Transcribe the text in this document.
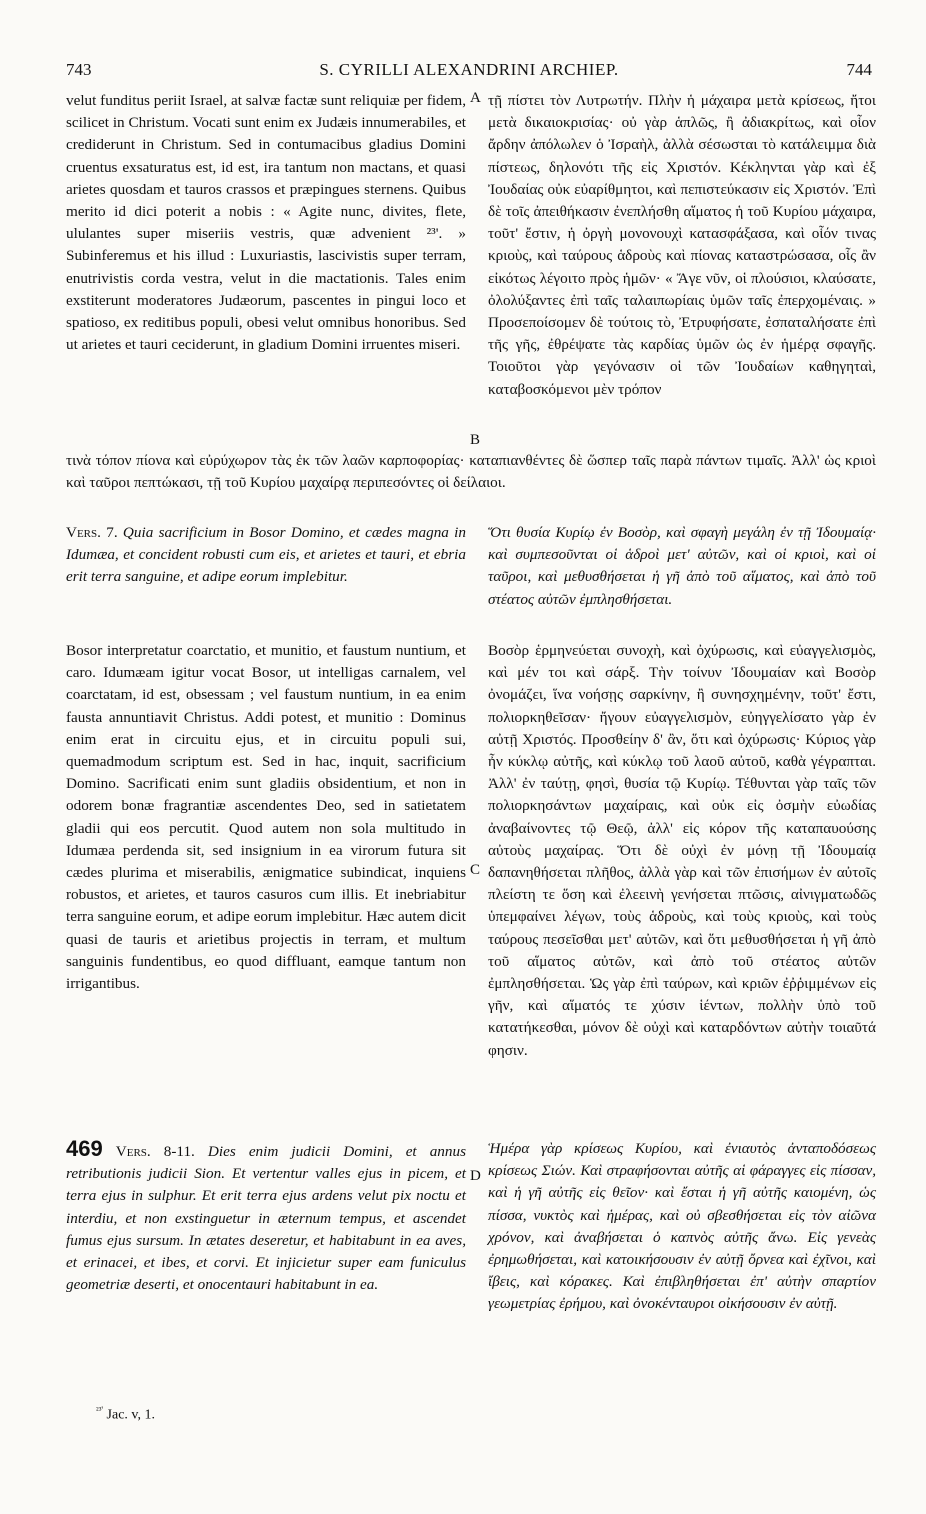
743	S. CYRILLI ALEXANDRINI ARCHIEP.	744
A
B
C
D

velut funditus periit Israel, at salvæ factæ sunt reliquiæ per fidem, scilicet in Christum. Vocati sunt enim ex Judæis innumerabiles, et crediderunt in Christum. Sed in contumacibus gladius Domini cruentus exsaturatus est, id est, ira tantum non mactans, et quasi arietes quosdam et tauros crassos et præpingues sternens. Quibus merito id dici poterit a nobis : « Agite nunc, divites, flete, ululantes super miseriis vestris, quæ advenient ²³'. » Subinferemus et his illud : Luxuriastis, lascivistis super terram, enutrivistis corda vestra, velut in die mactationis. Tales enim exstiterunt moderatores Judæorum, pascentes in pingui loco et spatioso, ex reditibus populi, obesi velut omnibus honoribus. Sed ut arietes et tauri ceciderunt, in gladium Domini irruentes miseri.

τῇ πίστει τὸν Λυτρωτήν. Πλὴν ἡ μάχαιρα μετὰ κρίσεως, ἤτοι μετὰ δικαιοκρισίας· οὐ γὰρ ἁπλῶς, ἢ ἀδιακρίτως, καὶ οἷον ἄρδην ἀπόλωλεν ὁ Ἰσραὴλ, ἀλλὰ σέσωσται τὸ κατάλειμμα διὰ πίστεως, δηλονότι τῆς εἰς Χριστόν. Κέκληνται γὰρ καὶ ἐξ Ἰουδαίας οὐκ εὐαρίθμητοι, καὶ πεπιστεύκασιν εἰς Χριστόν. Ἐπὶ δὲ τοῖς ἀπειθήκασιν ἐνεπλήσθη αἵματος ἡ τοῦ Κυρίου μάχαιρα, τοῦτ' ἔστιν, ἡ ὀργὴ μονονουχὶ κατασφάξασα, καὶ οἷόν τινας κριοὺς, καὶ ταύρους ἁδροὺς καὶ πίονας καταστρώσασα, οἷς ἂν εἰκότως λέγοιτο πρὸς ἡμῶν· « Ἄγε νῦν, οἱ πλούσιοι, κλαύσατε, ὀλολύξαντες ἐπὶ ταῖς ταλαιπωρίαις ὑμῶν ταῖς ἐπερχομέναις. » Προσεποίσομεν δὲ τούτοις τὸ, Ἐτρυφήσατε, ἐσπαταλήσατε ἐπὶ τῆς γῆς, ἐθρέψατε τὰς καρδίας ὑμῶν ὡς ἐν ἡμέρᾳ σφαγῆς. Τοιοῦτοι γὰρ γεγόνασιν οἱ τῶν Ἰουδαίων καθηγηταὶ, καταβοσκόμενοι μὲν τρόπον

τινὰ τόπον πίονα καὶ εὐρύχωρον τὰς ἐκ τῶν λαῶν καρποφορίας· καταπιανθέντες δὲ ὥσπερ ταῖς παρὰ πάντων τιμαῖς. Ἀλλ' ὡς κριοὶ καὶ ταῦροι πεπτώκασι, τῇ τοῦ Κυρίου μαχαίρᾳ περιπεσόντες οἱ δείλαιοι.

Vers. 7. Quia sacrificium in Bosor Domino, et cædes magna in Idumæa, et concident robusti cum eis, et arietes et tauri, et ebria erit terra sanguine, et adipe eorum implebitur.

Ὅτι θυσία Κυρίῳ ἐν Βοσὸρ, καὶ σφαγὴ μεγάλη ἐν τῇ Ἰδουμαίᾳ· καὶ συμπεσοῦνται οἱ ἁδροὶ μετ' αὐτῶν, καὶ οἱ κριοὶ, καὶ οἱ ταῦροι, καὶ μεθυσθήσεται ἡ γῆ ἀπὸ τοῦ αἵματος, καὶ ἀπὸ τοῦ στέατος αὐτῶν ἐμπλησθήσεται.

Bosor interpretatur coarctatio, et munitio, et faustum nuntium, et caro. Idumæam igitur vocat Bosor, ut intelligas carnalem, vel coarctatam, id est, obsessam ; vel faustum nuntium, in ea enim fausta annuntiavit Christus. Addi potest, et munitio : Dominus enim erat in circuitu ejus, et in circuitu populi sui, quemadmodum scriptum est. Sed in hac, inquit, sacrificium Domino. Sacrificati enim sunt gladiis obsidentium, et non in odorem bonæ fragrantiæ ascendentes Deo, sed in satietatem gladii qui eos percutit. Quod autem non sola multitudo in Idumæa perdenda sit, sed insignium in ea virorum futura sit cædes plurima et miserabilis, ænigmatice subindicat, inquiens robustos, et arietes, et tauros casuros cum illis. Et inebriabitur terra sanguine eorum, et adipe eorum implebitur. Hæc autem dicit quasi de tauris et arietibus projectis in terram, et multum sanguinis fundentibus, eo quod diffluant, eamque tantum non irrigantibus.

Βοσὸρ ἑρμηνεύεται συνοχὴ, καὶ ὀχύρωσις, καὶ εὐαγγελισμὸς, καὶ μέν τοι καὶ σάρξ. Τὴν τοίνυν Ἰδουμαίαν καὶ Βοσὸρ ὀνομάζει, ἵνα νοήσῃς σαρκίνην, ἢ συνησχημένην, τοῦτ' ἔστι, πολιορκηθεῖσαν· ἤγουν εὐαγγελισμὸν, εὐηγγελίσατο γὰρ ἐν αὐτῇ Χριστός. Προσθείην δ' ἂν, ὅτι καὶ ὀχύρωσις· Κύριος γὰρ ἦν κύκλῳ αὐτῆς, καὶ κύκλῳ τοῦ λαοῦ αὐτοῦ, καθὰ γέγραπται. Ἀλλ' ἐν ταύτῃ, φησὶ, θυσία τῷ Κυρίῳ. Τέθυνται γὰρ ταῖς τῶν πολιορκησάντων μαχαίραις, καὶ οὐκ εἰς ὀσμὴν εὐωδίας ἀναβαίνοντες τῷ Θεῷ, ἀλλ' εἰς κόρον τῆς καταπαυούσης αὐτοὺς μαχαίρας. Ὅτι δὲ οὐχὶ ἐν μόνῃ τῇ Ἰδουμαίᾳ δαπανηθήσεται πλῆθος, ἀλλὰ γὰρ καὶ τῶν ἐπισήμων ἐν αὐτοῖς πλείστη τε ὅση καὶ ἐλεεινὴ γενήσεται πτῶσις, αἰνιγματωδῶς ὑπεμφαίνει λέγων, τοὺς ἁδροὺς, καὶ τοὺς κριοὺς, καὶ τοὺς ταύρους πεσεῖσθαι μετ' αὐτῶν, καὶ ὅτι μεθυσθήσεται ἡ γῆ ἀπὸ τοῦ αἵματος αὐτῶν, καὶ ἀπὸ τοῦ στέατος αὐτῶν ἐμπλησθήσεται. Ὡς γὰρ ἐπὶ ταύρων, καὶ κριῶν ἐῤῥιμμένων εἰς γῆν, καὶ αἵματός τε χύσιν ἱέντων, πολλὴν ὑπὸ τοῦ κατατήκεσθαι, μόνον δὲ οὐχὶ καὶ καταρδόντων αὐτὴν τοιαῦτά φησιν.

469 Vers. 8-11. Dies enim judicii Domini, et annus retributionis judicii Sion. Et vertentur valles ejus in picem, et terra ejus in sulphur. Et erit terra ejus ardens velut pix noctu et interdiu, et non exstinguetur in æternum tempus, et ascendet fumus ejus sursum. In ætates deseretur, et habitabunt in ea aves, et erinacei, et ibes, et corvi. Et injicietur super eam funiculus geometriæ deserti, et onocentauri habitabunt in ea.

Ἡμέρα γὰρ κρίσεως Κυρίου, καὶ ἐνιαυτὸς ἀνταποδόσεως κρίσεως Σιών. Καὶ στραφήσονται αὐτῆς αἱ φάραγγες εἰς πίσσαν, καὶ ἡ γῆ αὐτῆς εἰς θεῖον· καὶ ἔσται ἡ γῆ αὐτῆς καιομένη, ὡς πίσσα, νυκτὸς καὶ ἡμέρας, καὶ οὐ σβεσθήσεται εἰς τὸν αἰῶνα χρόνον, καὶ ἀναβήσεται ὁ καπνὸς αὐτῆς ἄνω. Εἰς γενεὰς ἐρημωθήσεται, καὶ κατοικήσουσιν ἐν αὐτῇ ὄρνεα καὶ ἐχῖνοι, καὶ ἴβεις, καὶ κόρακες. Καὶ ἐπιβληθήσεται ἐπ' αὐτὴν σπαρτίον γεωμετρίας ἐρήμου, καὶ ὀνοκένταυροι οἰκήσουσιν ἐν αὐτῇ.

$^{^{23}'}$ Jac. v, 1.
